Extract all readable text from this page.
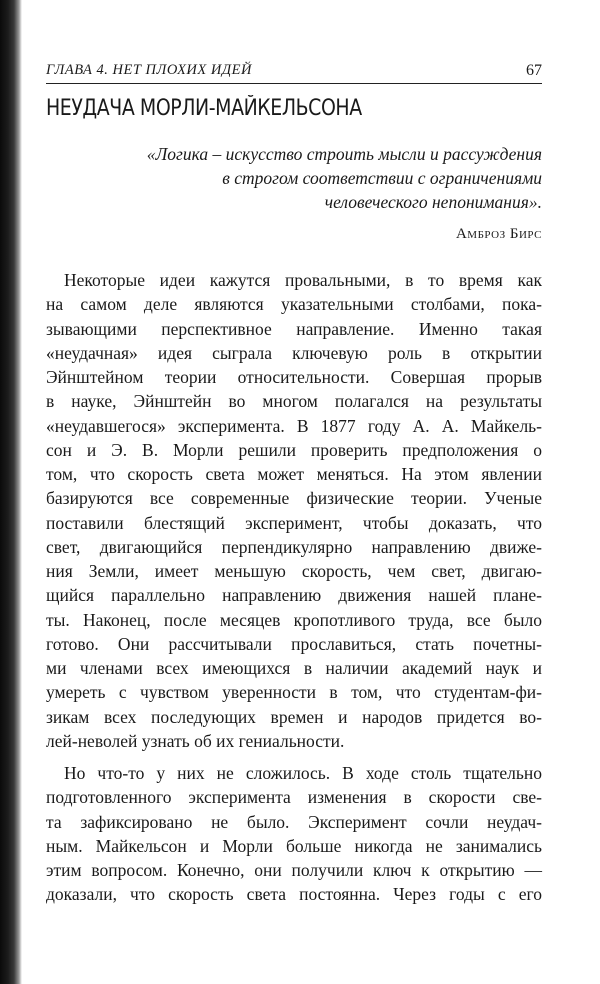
ГЛАВА 4. НЕТ ПЛОХИХ ИДЕЙ	67
НЕУДАЧА МОРЛИ-МАЙКЕЛЬСОНА
«Логика – искусство строить мысли и рассуждения
в строгом соответствии с ограничениями
человеческого непонимания».
Амброз Бирс

Некоторые идеи кажутся провальными, в то время как
на самом деле являются указательными столбами, пока-
зывающими перспективное направление. Именно такая
«неудачная» идея сыграла ключевую роль в открытии
Эйнштейном теории относительности. Совершая прорыв
в науке, Эйнштейн во многом полагался на результаты
«неудавшегося» эксперимента. В 1877 году А. А. Майкель-
сон и Э. В. Морли решили проверить предположения о
том, что скорость света может меняться. На этом явлении
базируются все современные физические теории. Ученые
поставили блестящий эксперимент, чтобы доказать, что
свет, двигающийся перпендикулярно направлению движе-
ния Земли, имеет меньшую скорость, чем свет, двигаю-
щийся параллельно направлению движения нашей плане-
ты. Наконец, после месяцев кропотливого труда, все было
готово. Они рассчитывали прославиться, стать почетны-
ми членами всех имеющихся в наличии академий наук и
умереть с чувством уверенности в том, что студентам-фи-
зикам всех последующих времен и народов придется во-
лей-неволей узнать об их гениальности.

Но что-то у них не сложилось. В ходе столь тщательно
подготовленного эксперимента изменения в скорости све-
та зафиксировано не было. Эксперимент сочли неудач-
ным. Майкельсон и Морли больше никогда не занимались
этим вопросом. Конечно, они получили ключ к открытию —
доказали, что скорость света постоянна. Через годы с его
